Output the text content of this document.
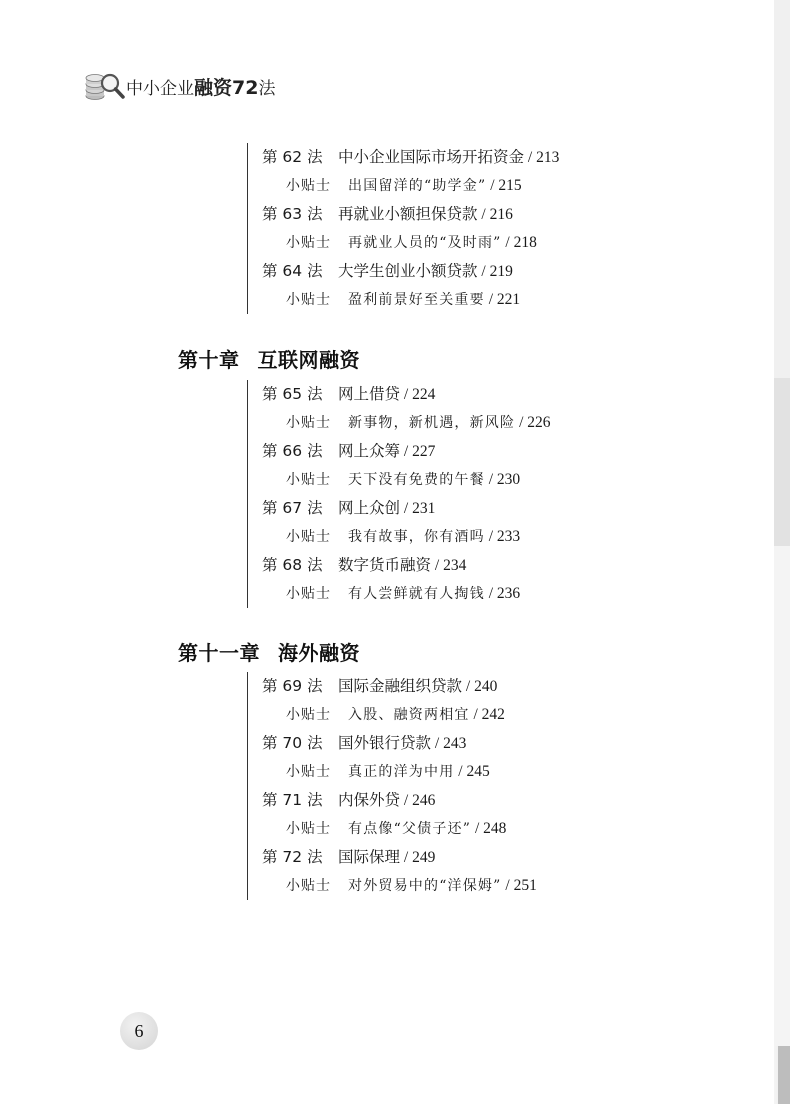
中小企业融资72法
第 62 法 中小企业国际市场开拓资金 / 213
小贴士 出国留洋的“助学金” / 215
第 63 法 再就业小额担保贷款 / 216
小贴士 再就业人员的“及时雨” / 218
第 64 法 大学生创业小额贷款 / 219
小贴士 盈利前景好至关重要 / 221
第十章 互联网融资
第 65 法 网上借贷 / 224
小贴士 新事物，新机遇，新风险 / 226
第 66 法 网上众筹 / 227
小贴士 天下没有免费的午餐 / 230
第 67 法 网上众创 / 231
小贴士 我有故事，你有酒吗 / 233
第 68 法 数字货币融资 / 234
小贴士 有人尝鲜就有人掏钱 / 236
第十一章 海外融资
第 69 法 国际金融组织贷款 / 240
小贴士 入股、融资两相宜 / 242
第 70 法 国外银行贷款 / 243
小贴士 真正的洋为中用 / 245
第 71 法 内保外贷 / 246
小贴士 有点像“父债子还” / 248
第 72 法 国际保理 / 249
小贴士 对外贸易中的“洋保姆” / 251
6
